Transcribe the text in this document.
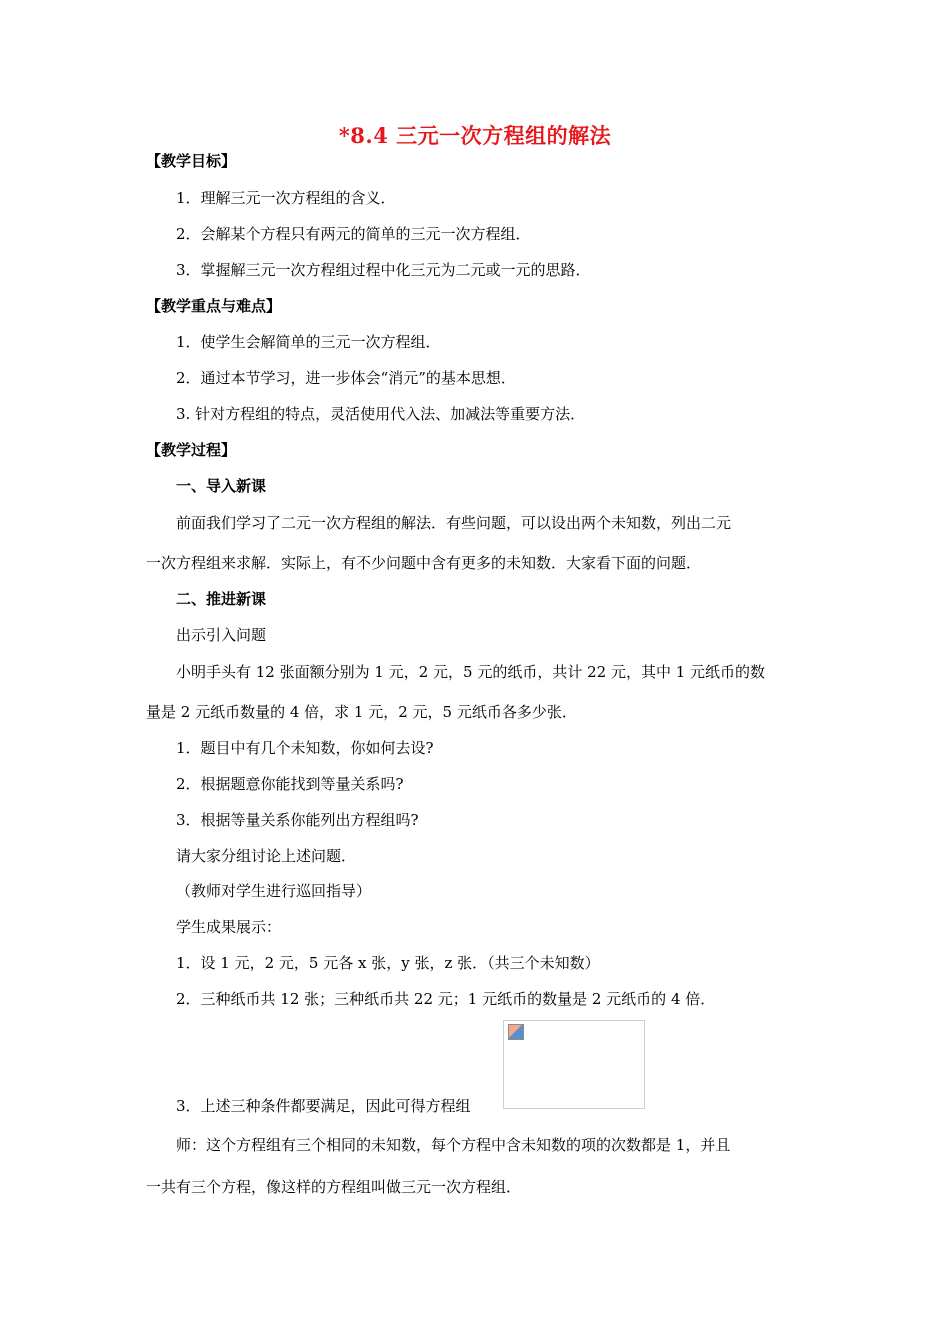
*8.4 三元一次方程组的解法
【教学目标】
1．理解三元一次方程组的含义．
2．会解某个方程只有两元的简单的三元一次方程组．
3．掌握解三元一次方程组过程中化三元为二元或一元的思路．
【教学重点与难点】
1．使学生会解简单的三元一次方程组．
2．通过本节学习，进一步体会“消元”的基本思想．
3. 针对方程组的特点，灵活使用代入法、加减法等重要方法．
【教学过程】
一、导入新课
前面我们学习了二元一次方程组的解法．有些问题，可以设出两个未知数，列出二元
一次方程组来求解．实际上，有不少问题中含有更多的未知数．大家看下面的问题．
二、推进新课
出示引入问题
小明手头有 12 张面额分别为 1 元，2 元，5 元的纸币，共计 22 元，其中 1 元纸币的数
量是 2 元纸币数量的 4 倍，求 1 元，2 元，5 元纸币各多少张．
1．题目中有几个未知数，你如何去设?
2．根据题意你能找到等量关系吗?
3．根据等量关系你能列出方程组吗?
请大家分组讨论上述问题．
（教师对学生进行巡回指导）
学生成果展示：
1．设 1 元，2 元，5 元各 x 张，y 张，z 张．（共三个未知数）
2．三种纸币共 12 张；三种纸币共 22 元；1 元纸币的数量是 2 元纸币的 4 倍．
3．上述三种条件都要满足，因此可得方程组
师：这个方程组有三个相同的未知数，每个方程中含未知数的项的次数都是 1，并且
一共有三个方程，像这样的方程组叫做三元一次方程组．
